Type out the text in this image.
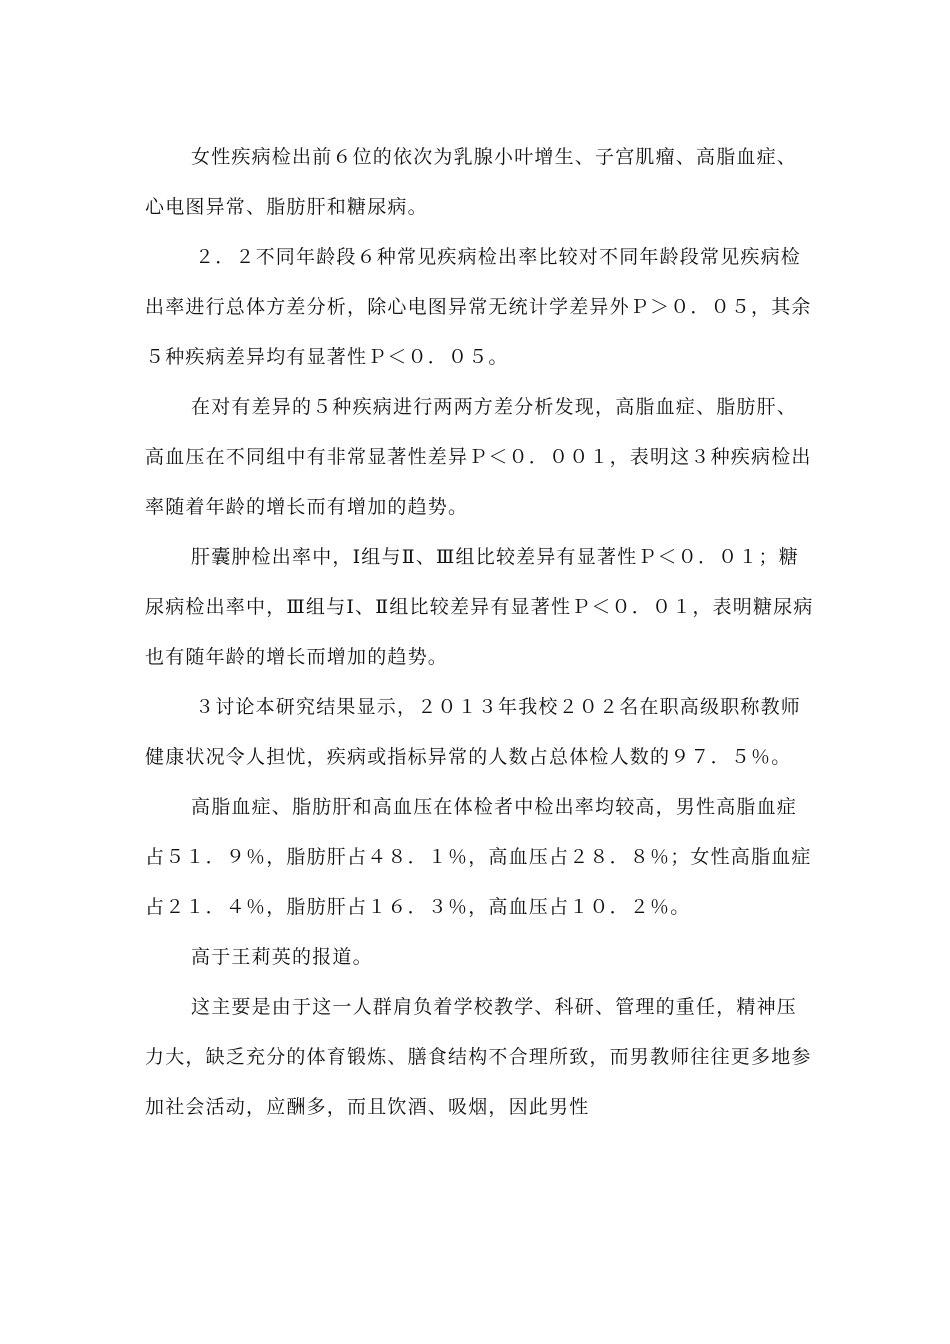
女性疾病检出前６位的依次为乳腺小叶增生、子宫肌瘤、高脂血症、心电图异常、脂肪肝和糖尿病。

２．２不同年龄段６种常见疾病检出率比较对不同年龄段常见疾病检出率进行总体方差分析，除心电图异常无统计学差异外Ｐ＞０．０５，其余５种疾病差异均有显著性Ｐ＜０．０５。

在对有差异的５种疾病进行两两方差分析发现，高脂血症、脂肪肝、高血压在不同组中有非常显著性差异Ｐ＜０．００１，表明这３种疾病检出率随着年龄的增长而有增加的趋势。

肝囊肿检出率中，Ⅰ组与Ⅱ、Ⅲ组比较差异有显著性Ｐ＜０．０１；糖尿病检出率中，Ⅲ组与Ⅰ、Ⅱ组比较差异有显著性Ｐ＜０．０１，表明糖尿病也有随年龄的增长而增加的趋势。

３讨论本研究结果显示，２０１３年我校２０２名在职高级职称教师健康状况令人担忧，疾病或指标异常的人数占总体检人数的９７．５％。

高脂血症、脂肪肝和高血压在体检者中检出率均较高，男性高脂血症占５１．９％，脂肪肝占４８．１％，高血压占２８．８％；女性高脂血症占２１．４％，脂肪肝占１６．３％，高血压占１０．２％。

高于王莉英的报道。

这主要是由于这一人群肩负着学校教学、科研、管理的重任，精神压力大，缺乏充分的体育锻炼、膳食结构不合理所致，而男教师往往更多地参加社会活动，应酬多，而且饮酒、吸烟，因此男性
